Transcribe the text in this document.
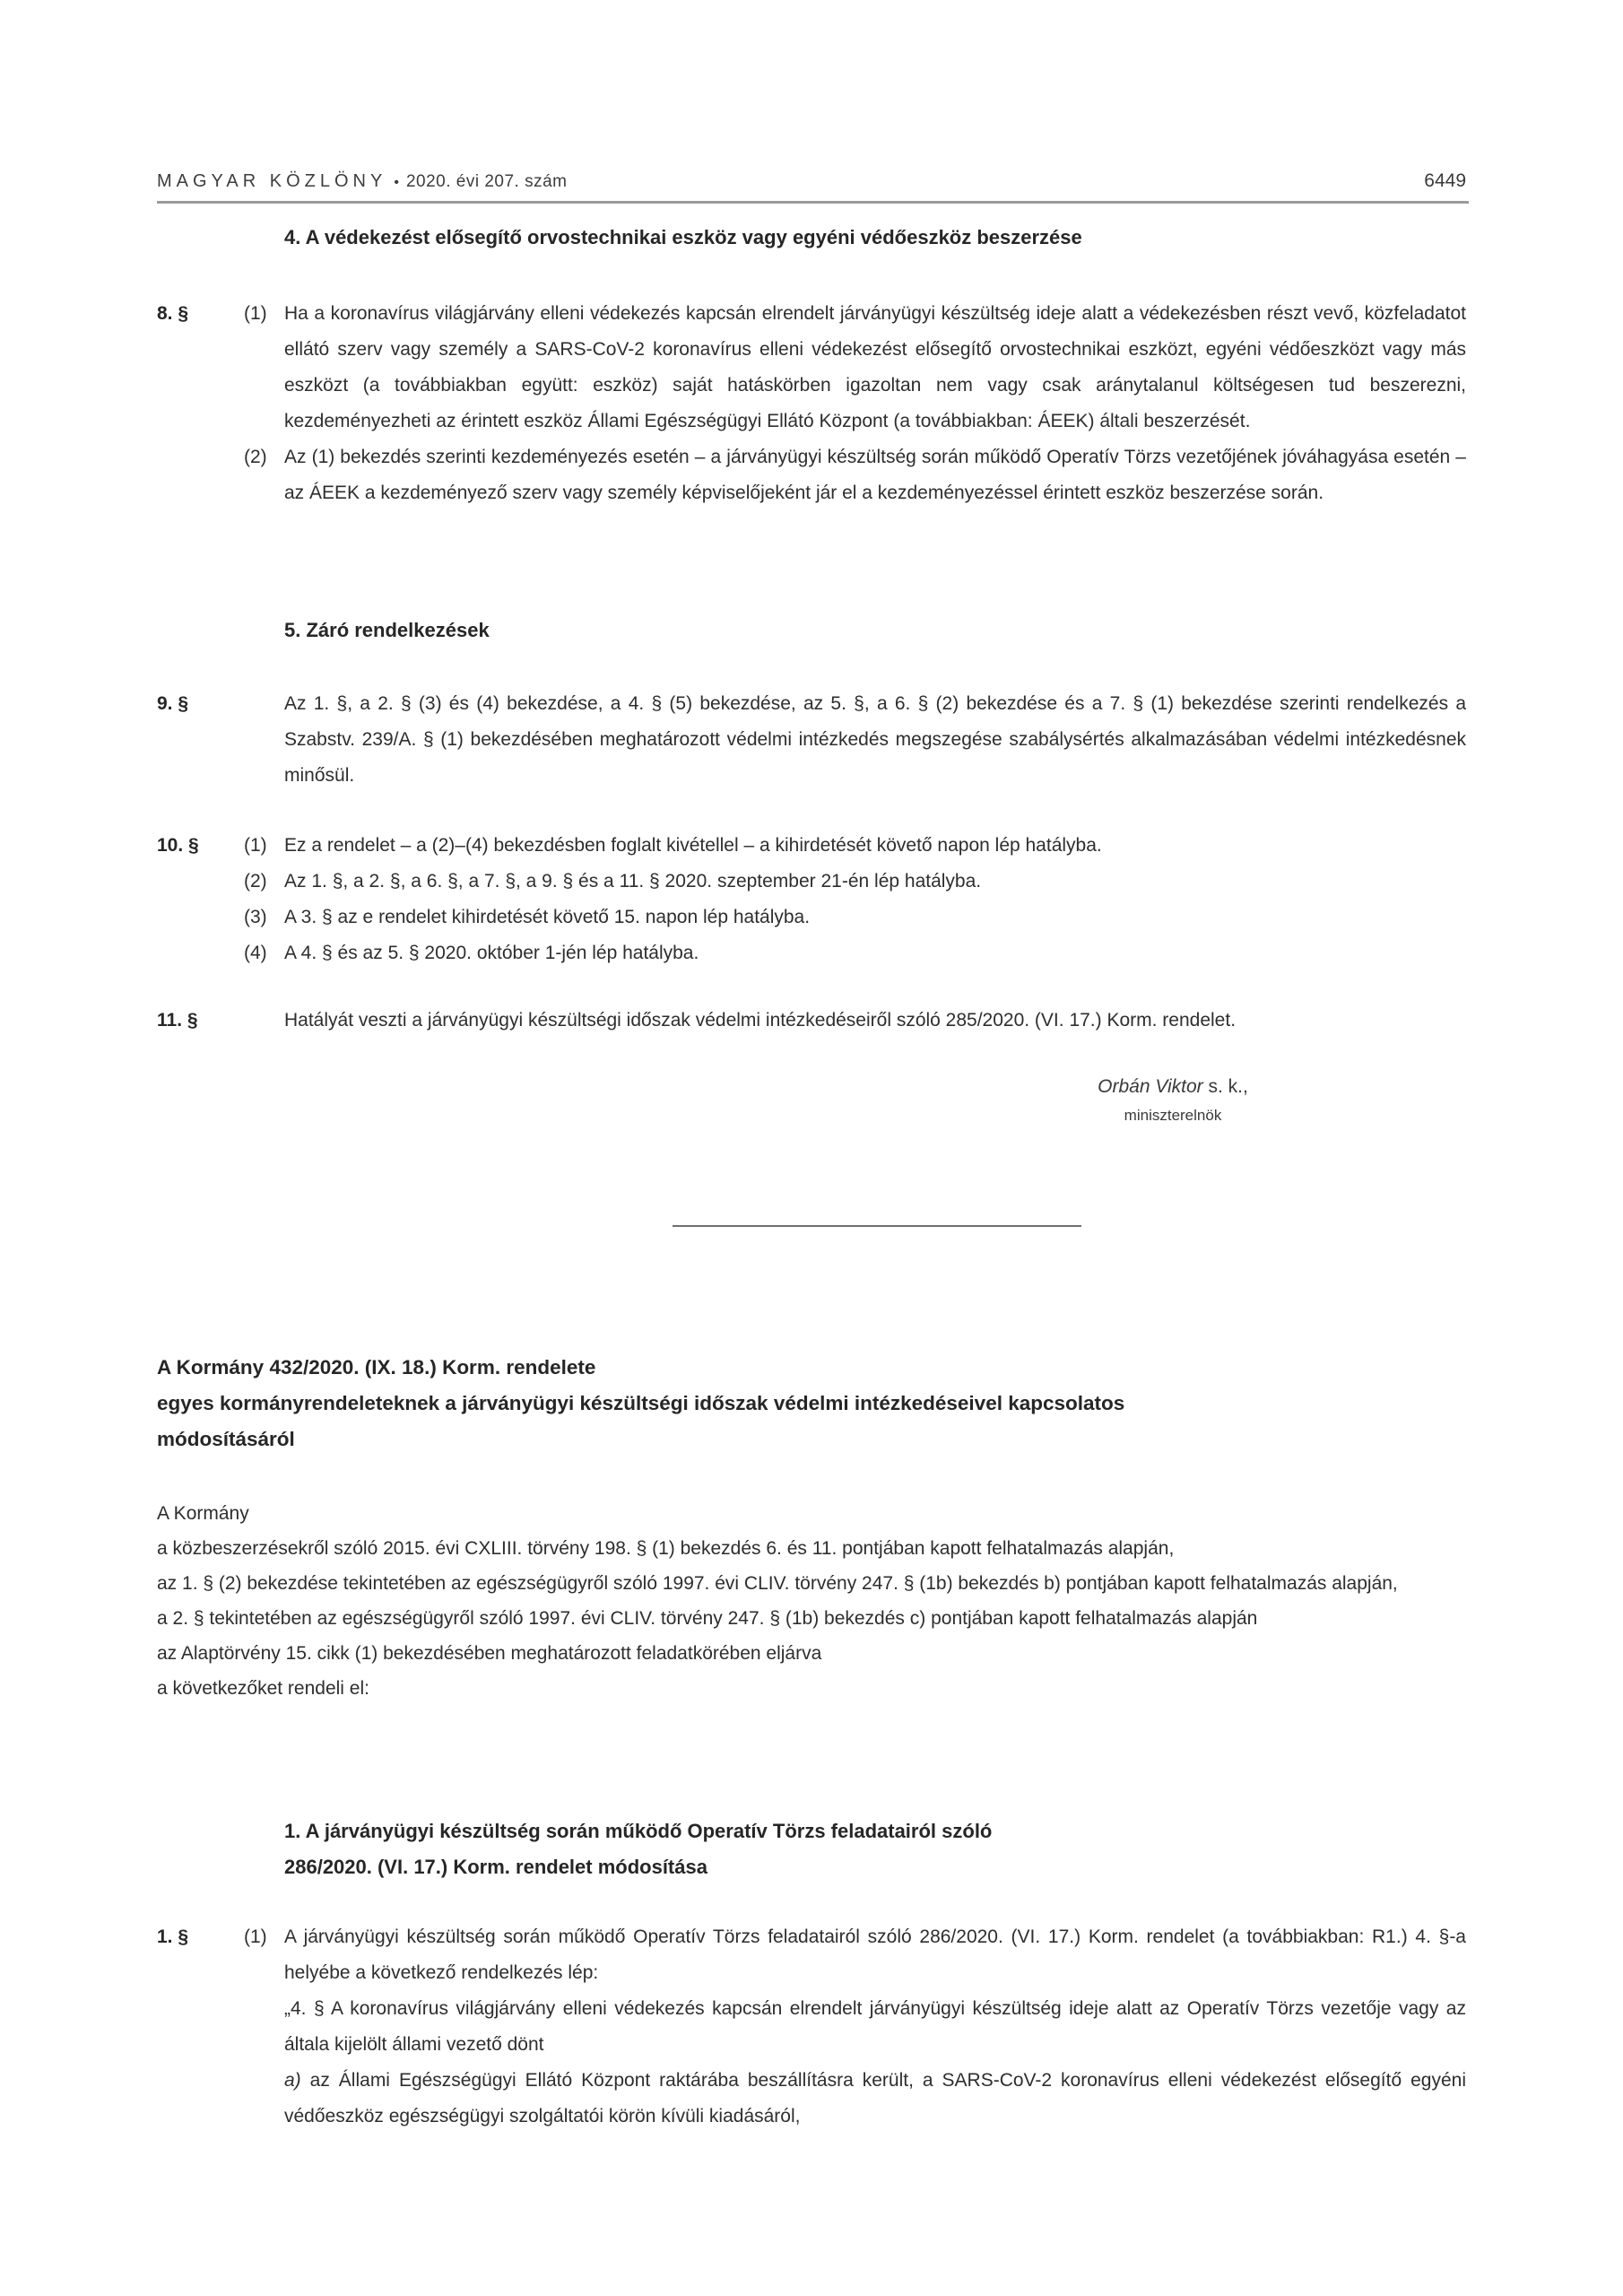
MAGYAR KÖZLÖNY • 2020. évi 207. szám	6449
4. A védekezést elősegítő orvostechnikai eszköz vagy egyéni védőeszköz beszerzése
8. §	(1) Ha a koronavírus világjárvány elleni védekezés kapcsán elrendelt járványügyi készültség ideje alatt a védekezésben részt vevő, közfeladatot ellátó szerv vagy személy a SARS-CoV-2 koronavírus elleni védekezést elősegítő orvostechnikai eszközt, egyéni védőeszközt vagy más eszközt (a továbbiakban együtt: eszköz) saját hatáskörben igazoltan nem vagy csak aránytalanul költségesen tud beszerezni, kezdeményezheti az érintett eszköz Állami Egészségügyi Ellátó Központ (a továbbiakban: ÁEEK) általi beszerzését.
(2) Az (1) bekezdés szerinti kezdeményezés esetén – a járványügyi készültség során működő Operatív Törzs vezetőjének jóváhagyása esetén – az ÁEEK a kezdeményező szerv vagy személy képviselőjeként jár el a kezdeményezéssel érintett eszköz beszerzése során.
5. Záró rendelkezések
9. §	Az 1. §, a 2. § (3) és (4) bekezdése, a 4. § (5) bekezdése, az 5. §, a 6. § (2) bekezdése és a 7. § (1) bekezdése szerinti rendelkezés a Szabstv. 239/A. § (1) bekezdésében meghatározott védelmi intézkedés megszegése szabálysértés alkalmazásában védelmi intézkedésnek minősül.
10. §	(1) Ez a rendelet – a (2)–(4) bekezdésben foglalt kivétellel – a kihirdetését követő napon lép hatályba.
(2) Az 1. §, a 2. §, a 6. §, a 7. §, a 9. § és a 11. § 2020. szeptember 21-én lép hatályba.
(3) A 3. § az e rendelet kihirdetését követő 15. napon lép hatályba.
(4) A 4. § és az 5. § 2020. október 1-jén lép hatályba.
11. §	Hatályát veszti a járványügyi készültségi időszak védelmi intézkedéseiről szóló 285/2020. (VI. 17.) Korm. rendelet.
Orbán Viktor s. k.,
miniszterelnök
A Kormány 432/2020. (IX. 18.) Korm. rendelete
egyes kormányrendeleteknek a járványügyi készültségi időszak védelmi intézkedéseivel kapcsolatos
módosításáról

A Kormány

a közbeszerzésekről szóló 2015. évi CXLIII. törvény 198. § (1) bekezdés 6. és 11. pontjában kapott felhatalmazás alapján,

az 1. § (2) bekezdése tekintetében az egészségügyről szóló 1997. évi CLIV. törvény 247. § (1b) bekezdés b) pontjában kapott felhatalmazás alapján,

a 2. § tekintetében az egészségügyről szóló 1997. évi CLIV. törvény 247. § (1b) bekezdés c) pontjában kapott felhatalmazás alapján

az Alaptörvény 15. cikk (1) bekezdésében meghatározott feladatkörében eljárva

a következőket rendeli el:

1. A járványügyi készültség során működő Operatív Törzs feladatairól szóló
286/2020. (VI. 17.) Korm. rendelet módosítása
1. §	(1) A járványügyi készültség során működő Operatív Törzs feladatairól szóló 286/2020. (VI. 17.) Korm. rendelet (a továbbiakban: R1.) 4. §-a helyébe a következő rendelkezés lép:

„4. § A koronavírus világjárvány elleni védekezés kapcsán elrendelt járványügyi készültség ideje alatt az Operatív Törzs vezetője vagy az általa kijelölt állami vezető dönt

a) az Állami Egészségügyi Ellátó Központ raktárába beszállításra került, a SARS-CoV-2 koronavírus elleni védekezést elősegítő egyéni védőeszköz egészségügyi szolgáltatói körön kívüli kiadásáról,
